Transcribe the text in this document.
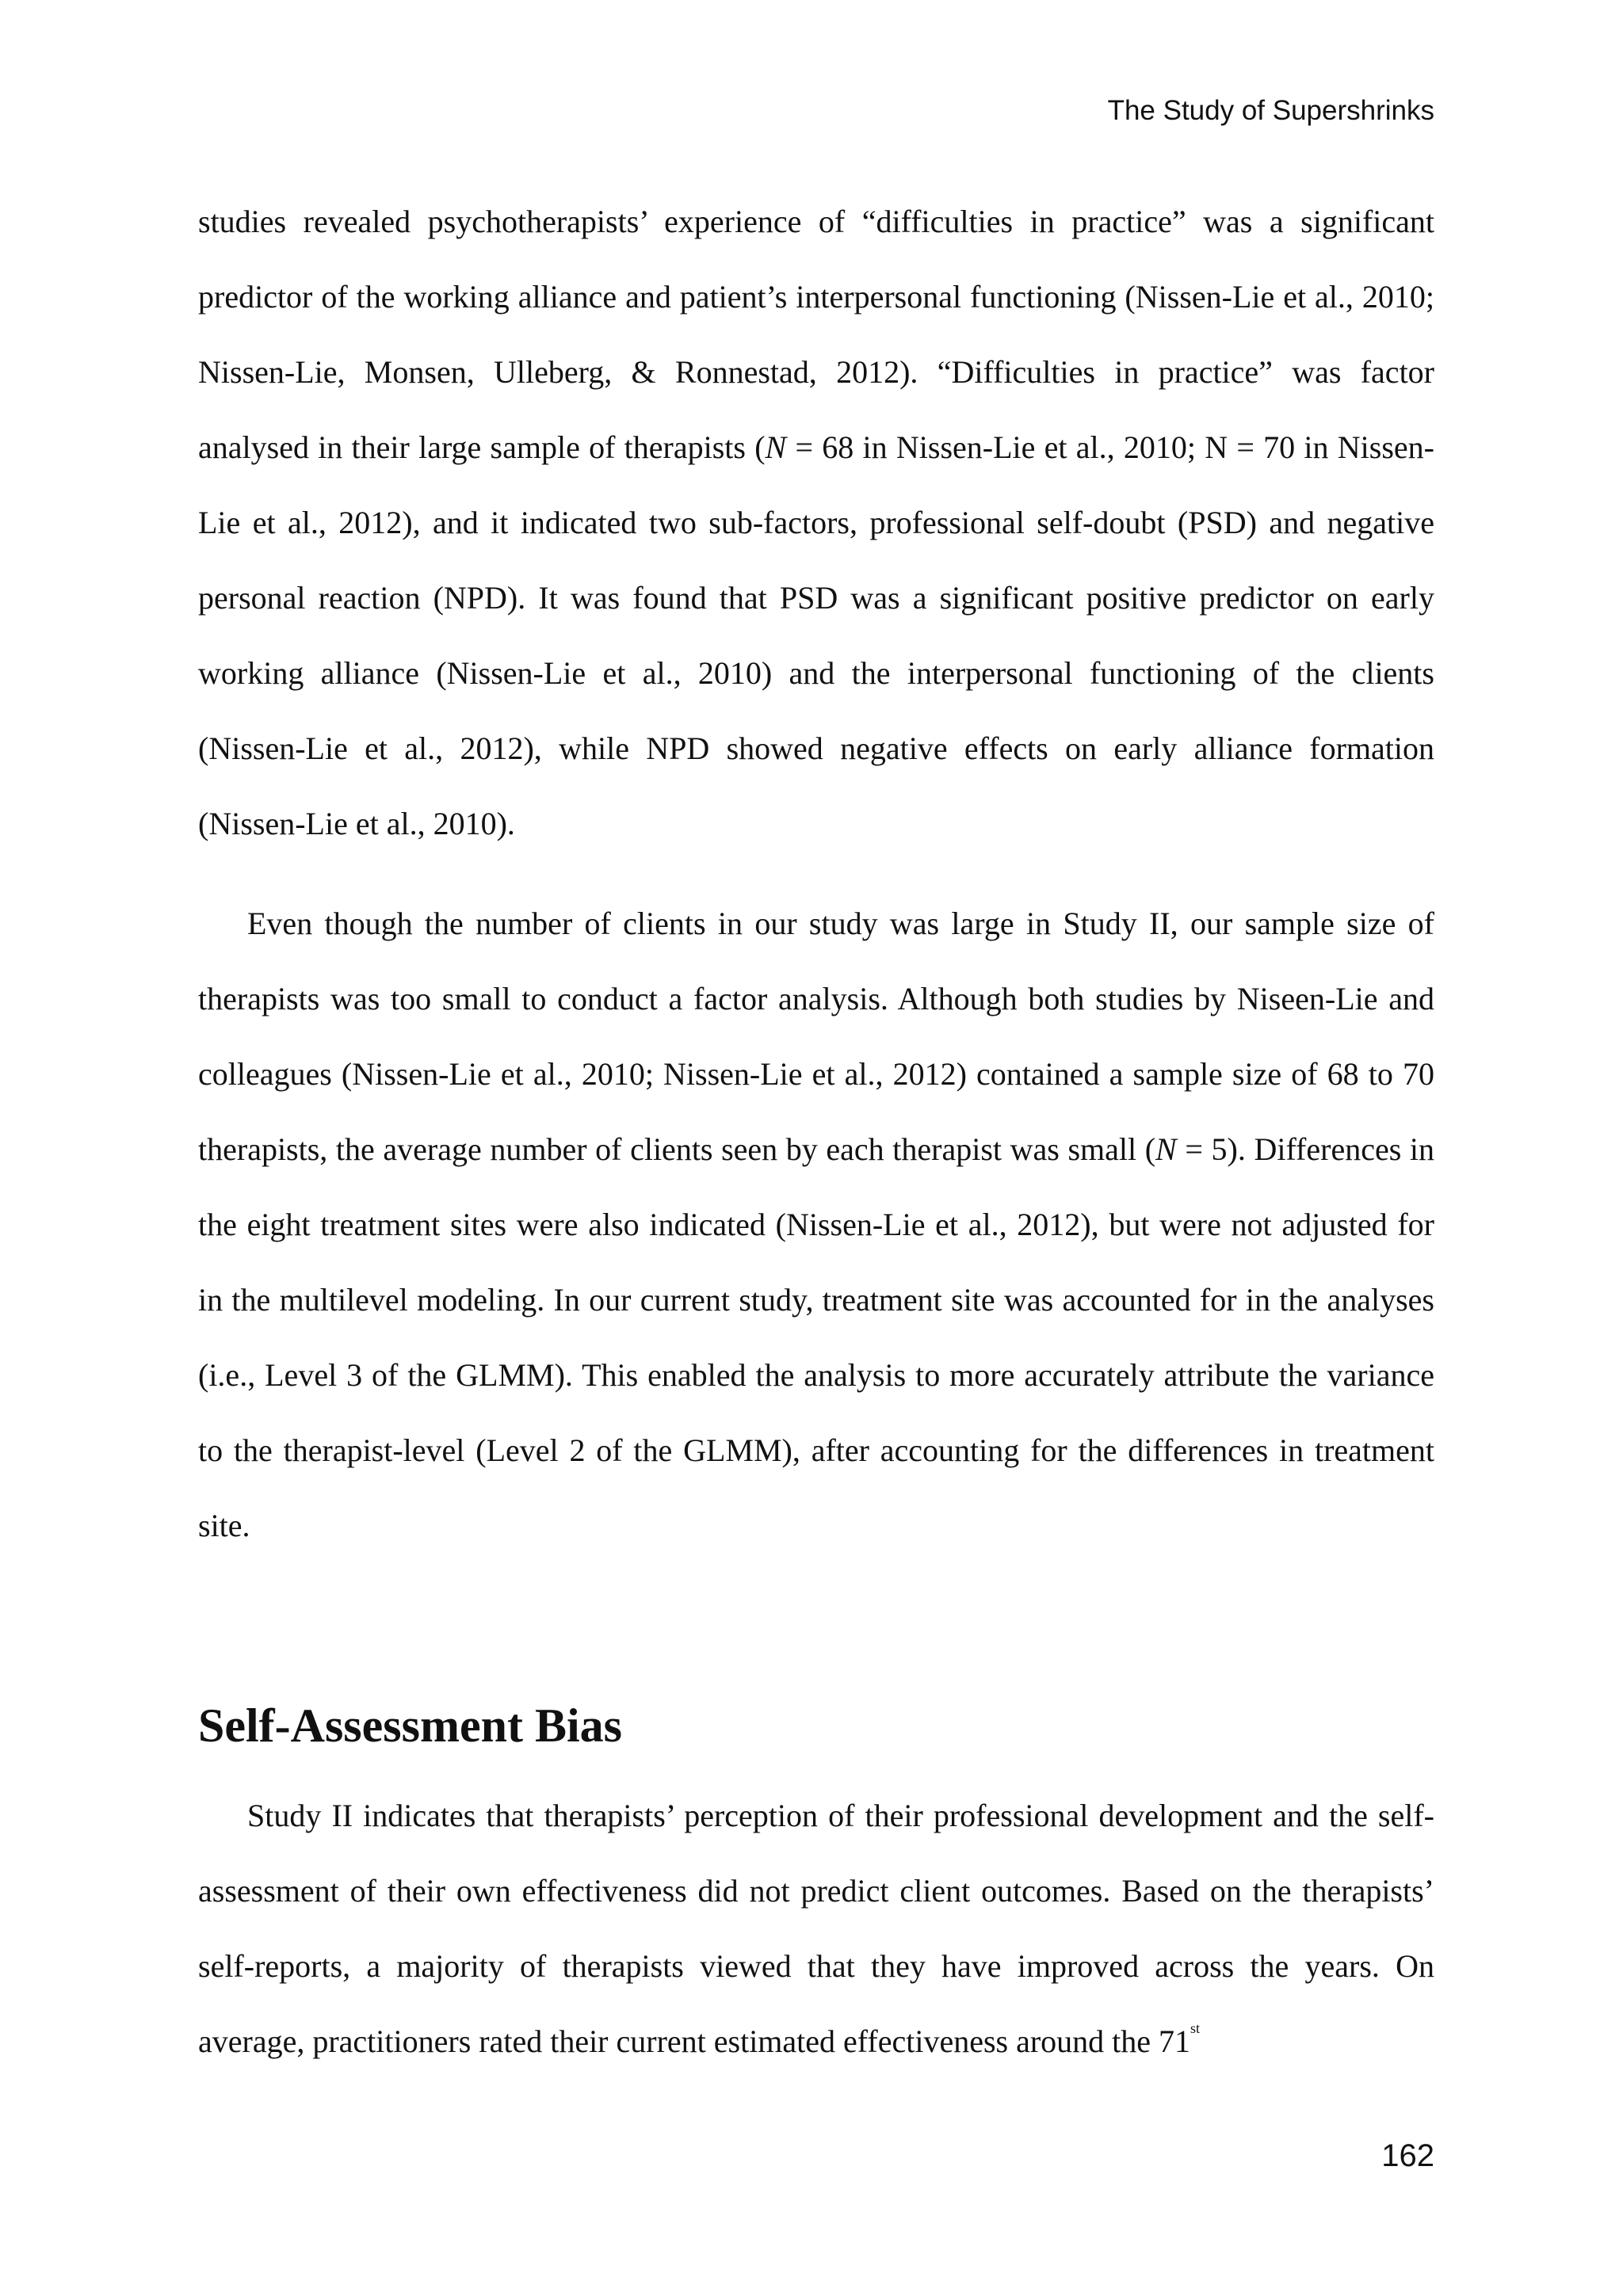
The Study of Supershrinks

studies revealed psychotherapists’ experience of “difficulties in practice” was a significant predictor of the working alliance and patient’s interpersonal functioning (Nissen-Lie et al., 2010; Nissen-Lie, Monsen, Ulleberg, & Ronnestad, 2012). “Difficulties in practice” was factor analysed in their large sample of therapists (N = 68 in Nissen-Lie et al., 2010; N = 70 in Nissen-Lie et al., 2012), and it indicated two sub-factors, professional self-doubt (PSD) and negative personal reaction (NPD). It was found that PSD was a significant positive predictor on early working alliance (Nissen-Lie et al., 2010) and the interpersonal functioning of the clients (Nissen-Lie et al., 2012), while NPD showed negative effects on early alliance formation (Nissen-Lie et al., 2010).

Even though the number of clients in our study was large in Study II, our sample size of therapists was too small to conduct a factor analysis. Although both studies by Niseen-Lie and colleagues (Nissen-Lie et al., 2010; Nissen-Lie et al., 2012) contained a sample size of 68 to 70 therapists, the average number of clients seen by each therapist was small (N = 5). Differences in the eight treatment sites were also indicated (Nissen-Lie et al., 2012), but were not adjusted for in the multilevel modeling. In our current study, treatment site was accounted for in the analyses (i.e., Level 3 of the GLMM). This enabled the analysis to more accurately attribute the variance to the therapist-level (Level 2 of the GLMM), after accounting for the differences in treatment site.

Self-Assessment Bias

Study II indicates that therapists’ perception of their professional development and the self-assessment of their own effectiveness did not predict client outcomes. Based on the therapists’ self-reports, a majority of therapists viewed that they have improved across the years. On average, practitioners rated their current estimated effectiveness around the 71st

162
